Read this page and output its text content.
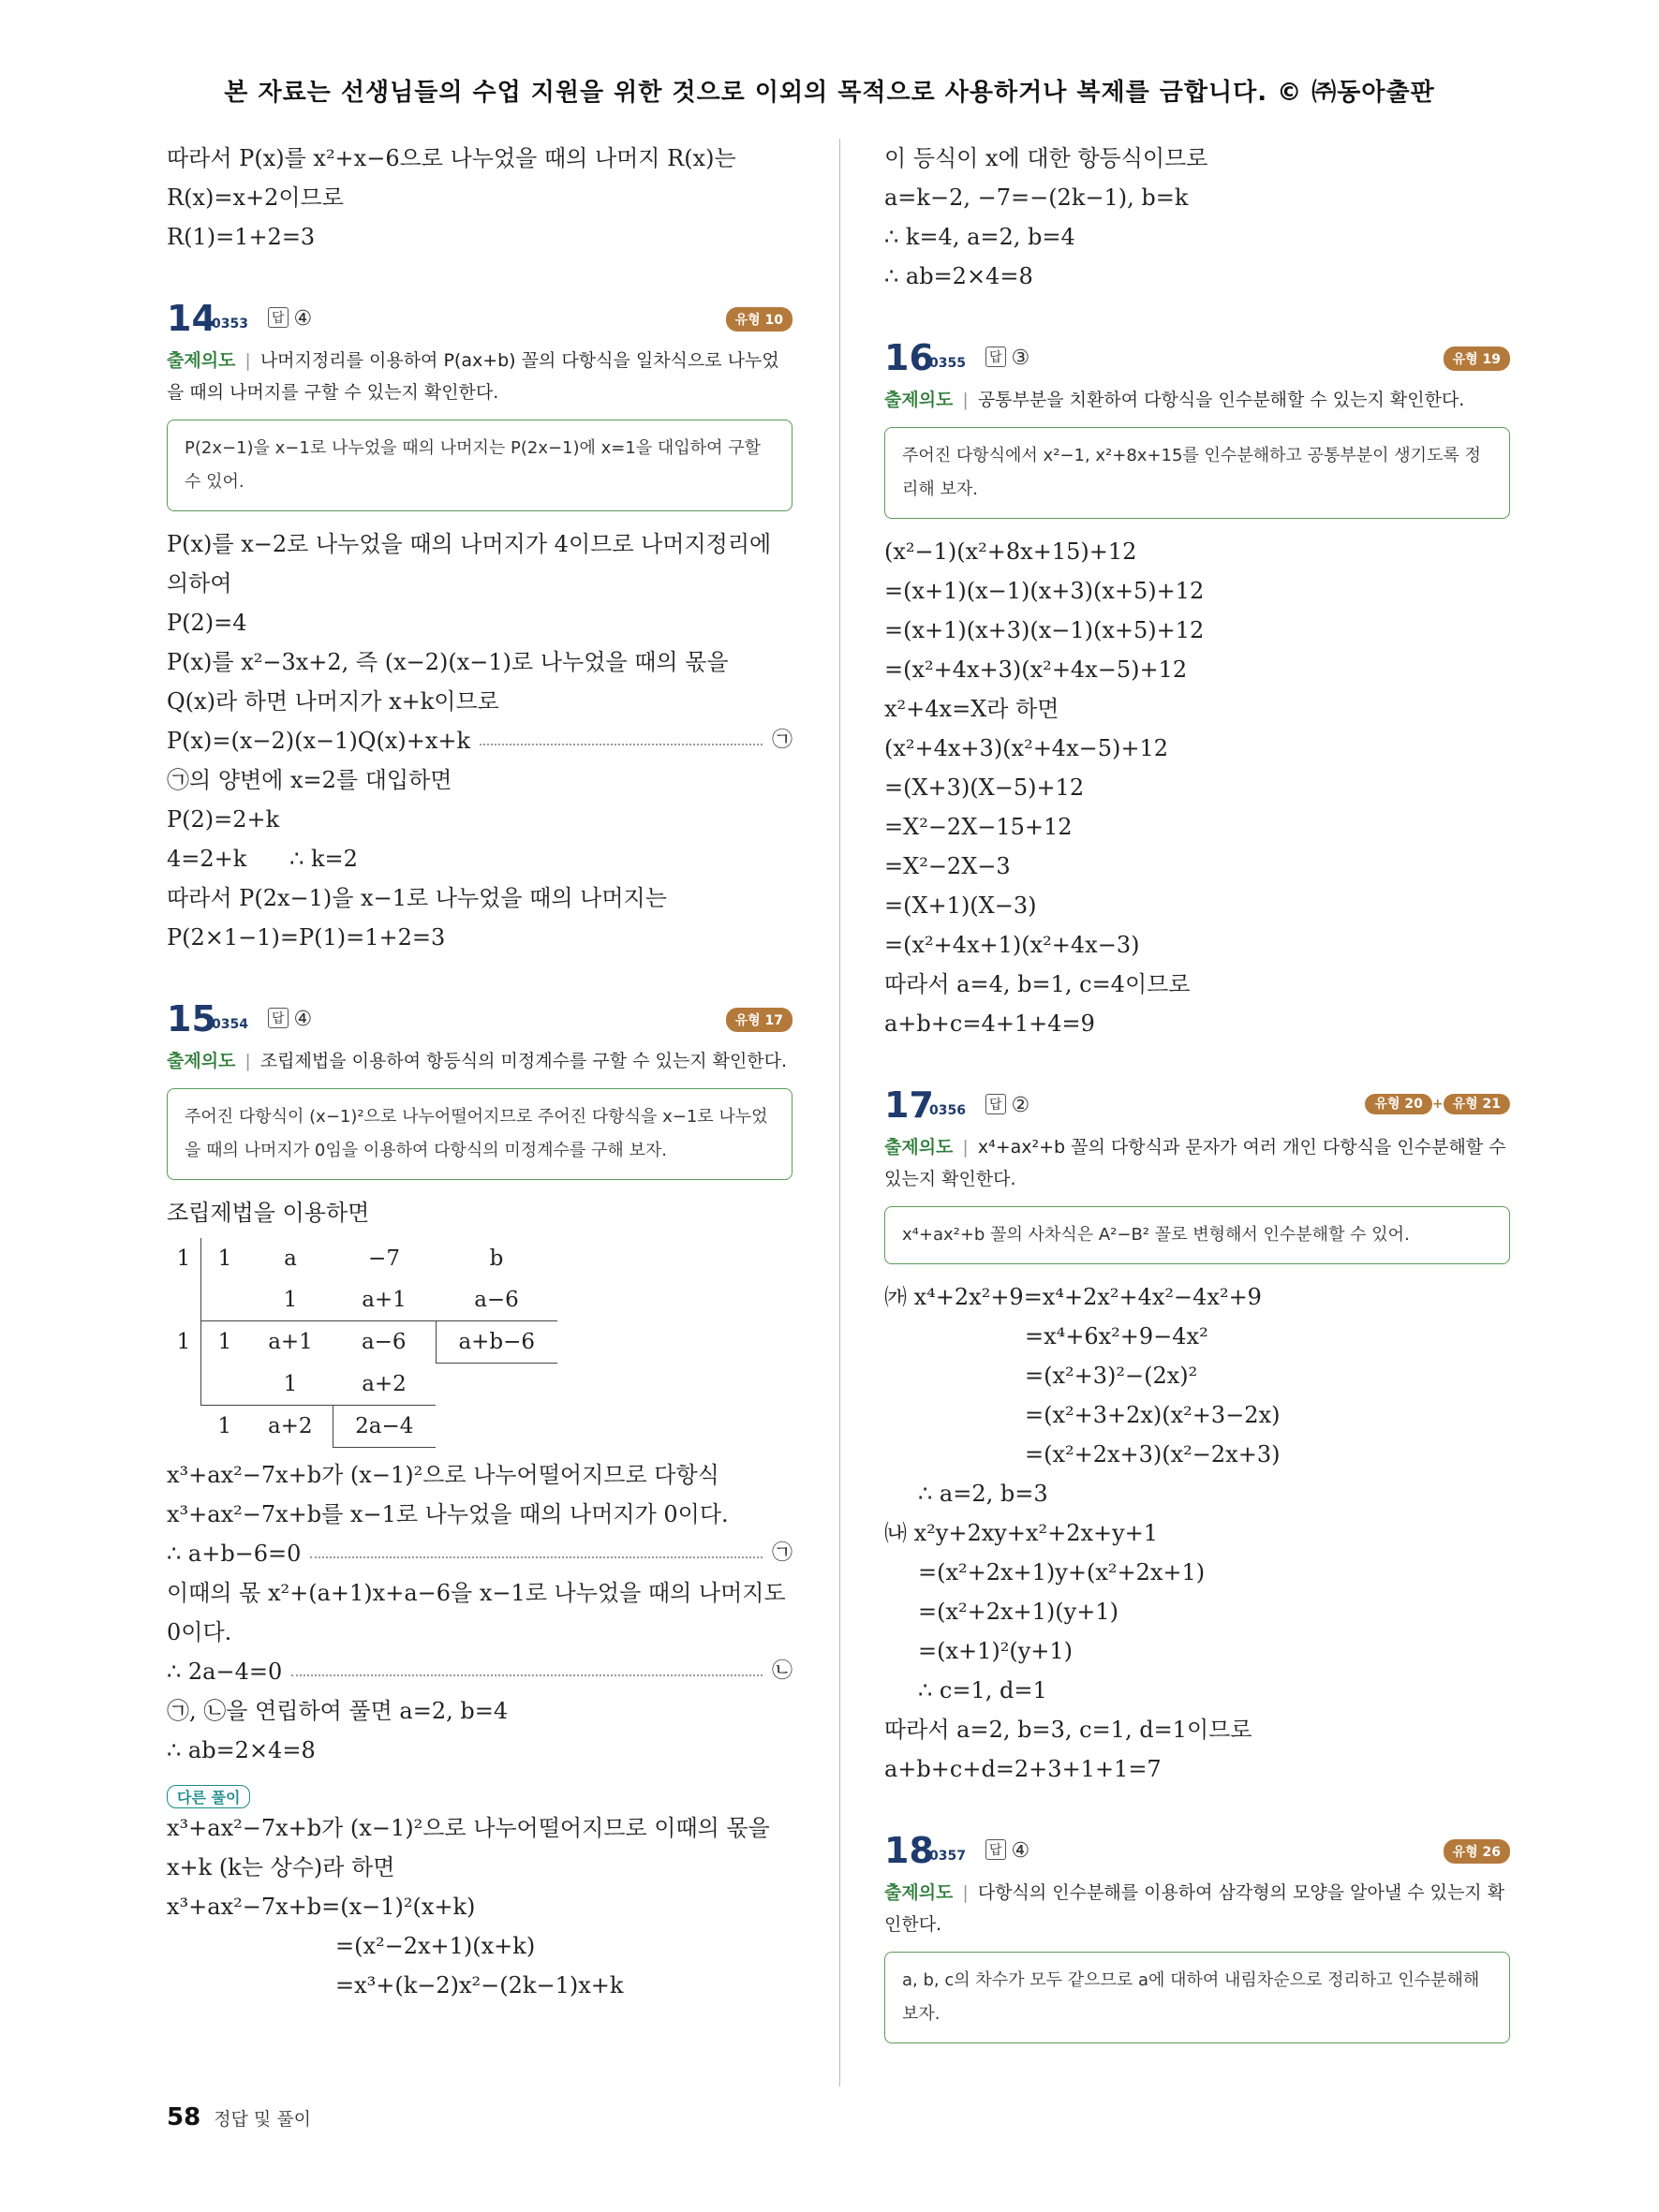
본 자료는 선생님들의 수업 지원을 위한 것으로 이외의 목적으로 사용하거나 복제를 금합니다. © ㈜동아출판
따라서 P(x)를 x²+x−6으로 나누었을 때의 나머지 R(x)는
R(x)=x+2이므로
R(1)=1+2=3
14
0353 답 ④	유형 10
출제의도 | 나머지정리를 이용하여 P(ax+b) 꼴의 다항식을 일차식으로 나누었을 때의 나머지를 구할 수 있는지 확인한다.
P(2x−1)을 x−1로 나누었을 때의 나머지는 P(2x−1)에 x=1을 대입하여 구할 수 있어.
P(x)를 x−2로 나누었을 때의 나머지가 4이므로 나머지정리에
의하여
P(2)=4
P(x)를 x²−3x+2, 즉 (x−2)(x−1)로 나누었을 때의 몫을
Q(x)라 하면 나머지가 x+k이므로
P(x)=(x−2)(x−1)Q(x)+x+k	㉠
㉠의 양변에 x=2를 대입하면
P(2)=2+k
4=2+k      ∴ k=2
따라서 P(2x−1)을 x−1로 나누었을 때의 나머지는
P(2×1−1)=P(1)=1+2=3
15
0354 답 ④	유형 17
출제의도 | 조립제법을 이용하여 항등식의 미정계수를 구할 수 있는지 확인한다.
주어진 다항식이 (x−1)²으로 나누어떨어지므로 주어진 다항식을 x−1로 나누었을 때의 나머지가 0임을 이용하여 다항식의 미정계수를 구해 보자.
조립제법을 이용하면
1	1	a	−7	b
		1	a+1	a−6
1	1	a+1	a−6	a+b−6
		1	a+2	
	1	a+2	2a−4	
x³+ax²−7x+b가 (x−1)²으로 나누어떨어지므로 다항식
x³+ax²−7x+b를 x−1로 나누었을 때의 나머지가 0이다.
∴ a+b−6=0	㉠
이때의 몫 x²+(a+1)x+a−6을 x−1로 나누었을 때의 나머지도 0이다.
∴ 2a−4=0	㉡
㉠, ㉡을 연립하여 풀면 a=2, b=4
∴ ab=2×4=8
다른 풀이
x³+ax²−7x+b가 (x−1)²으로 나누어떨어지므로 이때의 몫을
x+k (k는 상수)라 하면
x³+ax²−7x+b=(x−1)²(x+k)
=(x²−2x+1)(x+k)
=x³+(k−2)x²−(2k−1)x+k
이 등식이 x에 대한 항등식이므로
a=k−2, −7=−(2k−1), b=k
∴ k=4, a=2, b=4
∴ ab=2×4=8
16
0355 답 ③	유형 19
출제의도 | 공통부분을 치환하여 다항식을 인수분해할 수 있는지 확인한다.
주어진 다항식에서 x²−1, x²+8x+15를 인수분해하고 공통부분이 생기도록 정리해 보자.
(x²−1)(x²+8x+15)+12
=(x+1)(x−1)(x+3)(x+5)+12
=(x+1)(x+3)(x−1)(x+5)+12
=(x²+4x+3)(x²+4x−5)+12
x²+4x=X라 하면
(x²+4x+3)(x²+4x−5)+12
=(X+3)(X−5)+12
=X²−2X−15+12
=X²−2X−3
=(X+1)(X−3)
=(x²+4x+1)(x²+4x−3)
따라서 a=4, b=1, c=4이므로
a+b+c=4+1+4=9
17
0356 답 ②	유형 20 + 유형 21
출제의도 | x⁴+ax²+b 꼴의 다항식과 문자가 여러 개인 다항식을 인수분해할 수 있는지 확인한다.
x⁴+ax²+b 꼴의 사차식은 A²−B² 꼴로 변형해서 인수분해할 수 있어.
㈎ x⁴+2x²+9=x⁴+2x²+4x²−4x²+9
=x⁴+6x²+9−4x²
=(x²+3)²−(2x)²
=(x²+3+2x)(x²+3−2x)
=(x²+2x+3)(x²−2x+3)
∴ a=2, b=3
㈏ x²y+2xy+x²+2x+y+1
=(x²+2x+1)y+(x²+2x+1)
=(x²+2x+1)(y+1)
=(x+1)²(y+1)
∴ c=1, d=1
따라서 a=2, b=3, c=1, d=1이므로
a+b+c+d=2+3+1+1=7
18
0357 답 ④	유형 26
출제의도 | 다항식의 인수분해를 이용하여 삼각형의 모양을 알아낼 수 있는지 확인한다.
a, b, c의 차수가 모두 같으므로 a에 대하여 내림차순으로 정리하고 인수분해해 보자.
58 정답 및 풀이
